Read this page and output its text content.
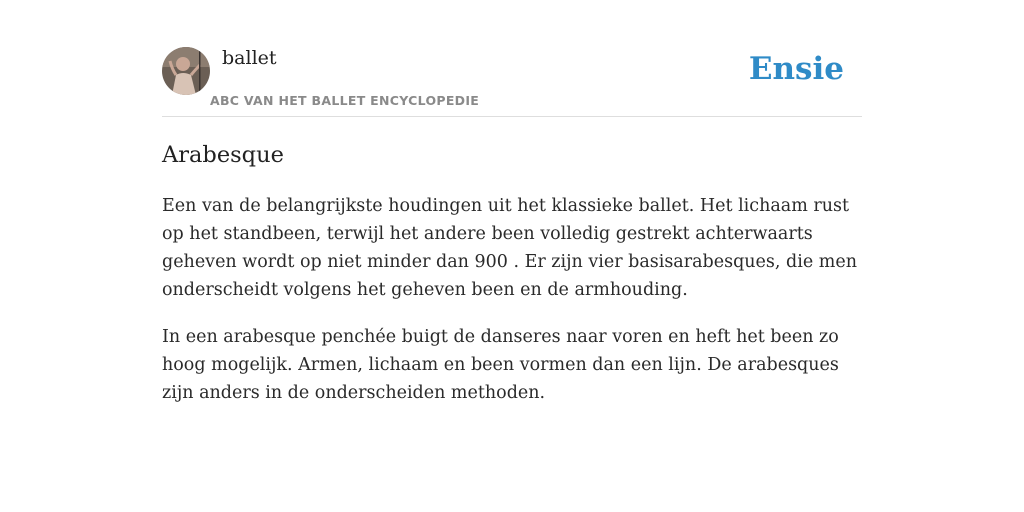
ballet
ABC VAN HET BALLET ENCYCLOPEDIE
Ensie
Arabesque

Een van de belangrijkste houdingen uit het klassieke ballet. Het lichaam rust op het standbeen, terwijl het andere been volledig gestrekt achterwaarts geheven wordt op niet minder dan 900 . Er zijn vier basisarabesques, die men onderscheidt volgens het geheven been en de armhouding.

In een arabesque penchée buigt de danseres naar voren en heft het been zo hoog mogelijk. Armen, lichaam en been vormen dan een lijn. De arabesques zijn anders in de onderscheiden methoden.
